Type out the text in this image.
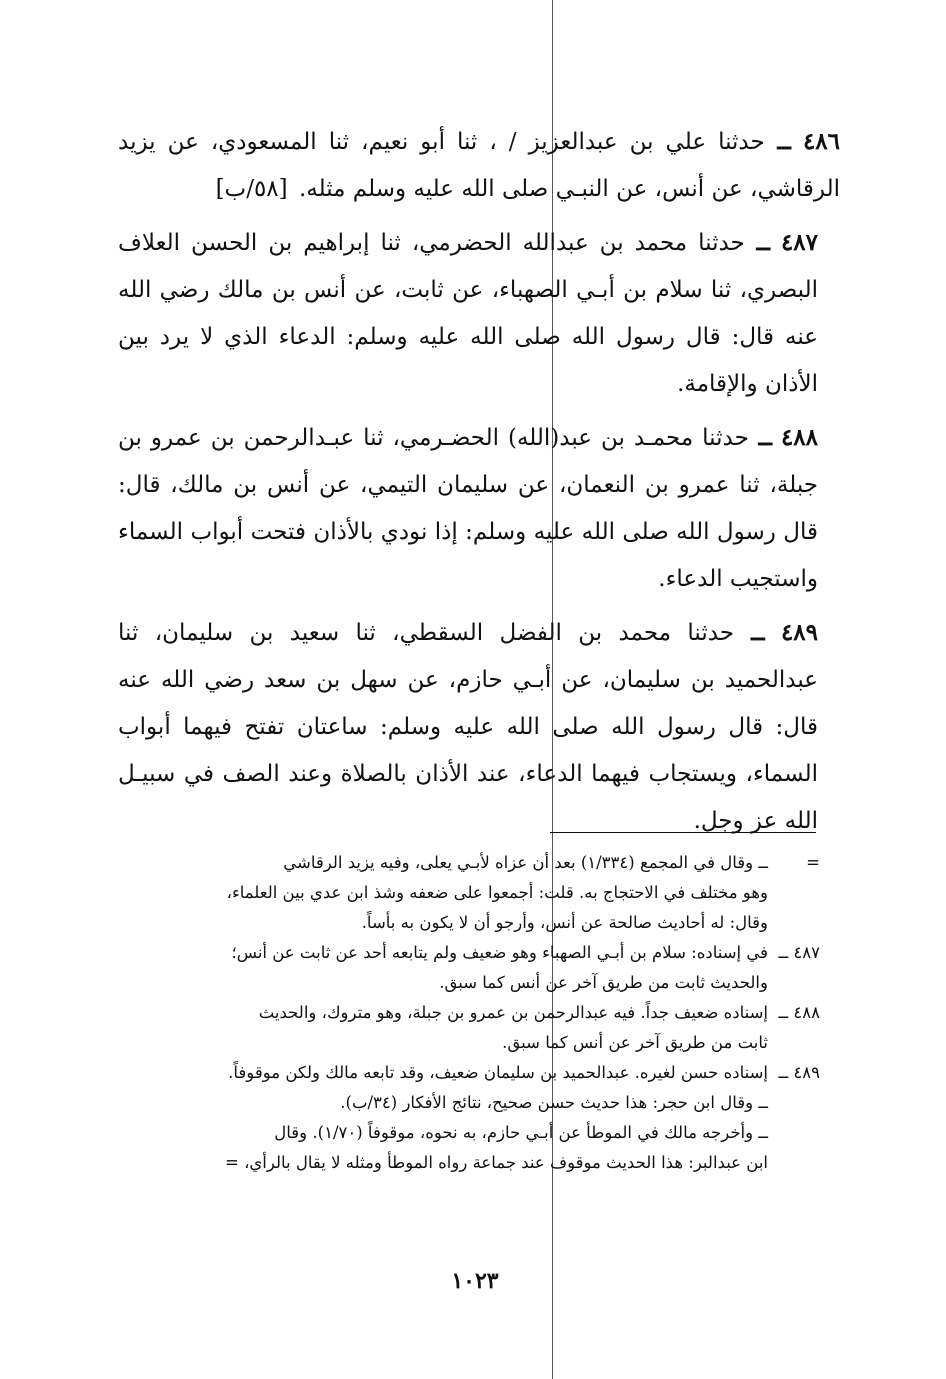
٤٨٦ ــ حدثنا علي بن عبدالعزيز / ، ثنا أبو نعيم، ثنا المسعودي، عن يزيد الرقاشي، عن أنس، عن النبـي صلى الله عليه وسلم مثله. [٥٨/ب]

٤٨٧ ــ حدثنا محمد بن عبدالله الحضرمي، ثنا إبراهيم بن الحسن العلاف البصري، ثنا سلام بن أبـي الصهباء، عن ثابت، عن أنس بن مالك رضي الله عنه قال: قال رسول الله صلى الله عليه وسلم: الدعاء الذي لا يرد بين الأذان والإقامة.

٤٨٨ ــ حدثنا محمـد بن عبد(الله) الحضـرمي، ثنا عبـدالرحمن بن عمرو بن جبلة، ثنا عمرو بن النعمان، عن سليمان التيمي، عن أنس بن مالك، قال: قال رسول الله صلى الله عليه وسلم: إذا نودي بالأذان فتحت أبواب السماء واستجيب الدعاء.

٤٨٩ ــ حدثنا محمد بن الفضل السقطي، ثنا سعيد بن سليمان، ثنا عبدالحميد بن سليمان، عن أبـي حازم، عن سهل بن سعد رضي الله عنه قال: قال رسول الله صلى الله عليه وسلم: ساعتان تفتح فيهما أبواب السماء، ويستجاب فيهما الدعاء، عند الأذان بالصلاة وعند الصف في سبيـل الله عز وجل.

=
ــ وقال في المجمع (١/٣٣٤) بعد أن عزاه لأبـي يعلى، وفيه يزيد الرقاشي
وهو مختلف في الاحتجاج به. قلت: أجمعوا على ضعفه وشذ ابن عدي بين العلماء،
وقال: له أحاديث صالحة عن أنس، وأرجو أن لا يكون به بأساً.
٤٨٧ ــ
في إسناده: سلام بن أبـي الصهباء وهو ضعيف ولم يتابعه أحد عن ثابت عن أنس؛
والحديث ثابت من طريق آخر عن أنس كما سبق.
٤٨٨ ــ
إسناده ضعيف جداً. فيه عبدالرحمن بن عمرو بن جبلة، وهو متروك، والحديث
ثابت من طريق آخر عن أنس كما سبق.
٤٨٩ ــ
إسناده حسن لغيره. عبدالحميد بن سليمان ضعيف، وقد تابعه مالك ولكن موقوفاً.
ــ وقال ابن حجر: هذا حديث حسن صحيح، نتائج الأفكار (٣٤/ب).
ــ وأخرجه مالك في الموطأ عن أبـي حازم، به نحوه، موقوفاً (١/٧٠). وقال
ابن عبدالبر: هذا الحديث موقوف عند جماعة رواه الموطأ ومثله لا يقال بالرأي، =
١٠٢٣
